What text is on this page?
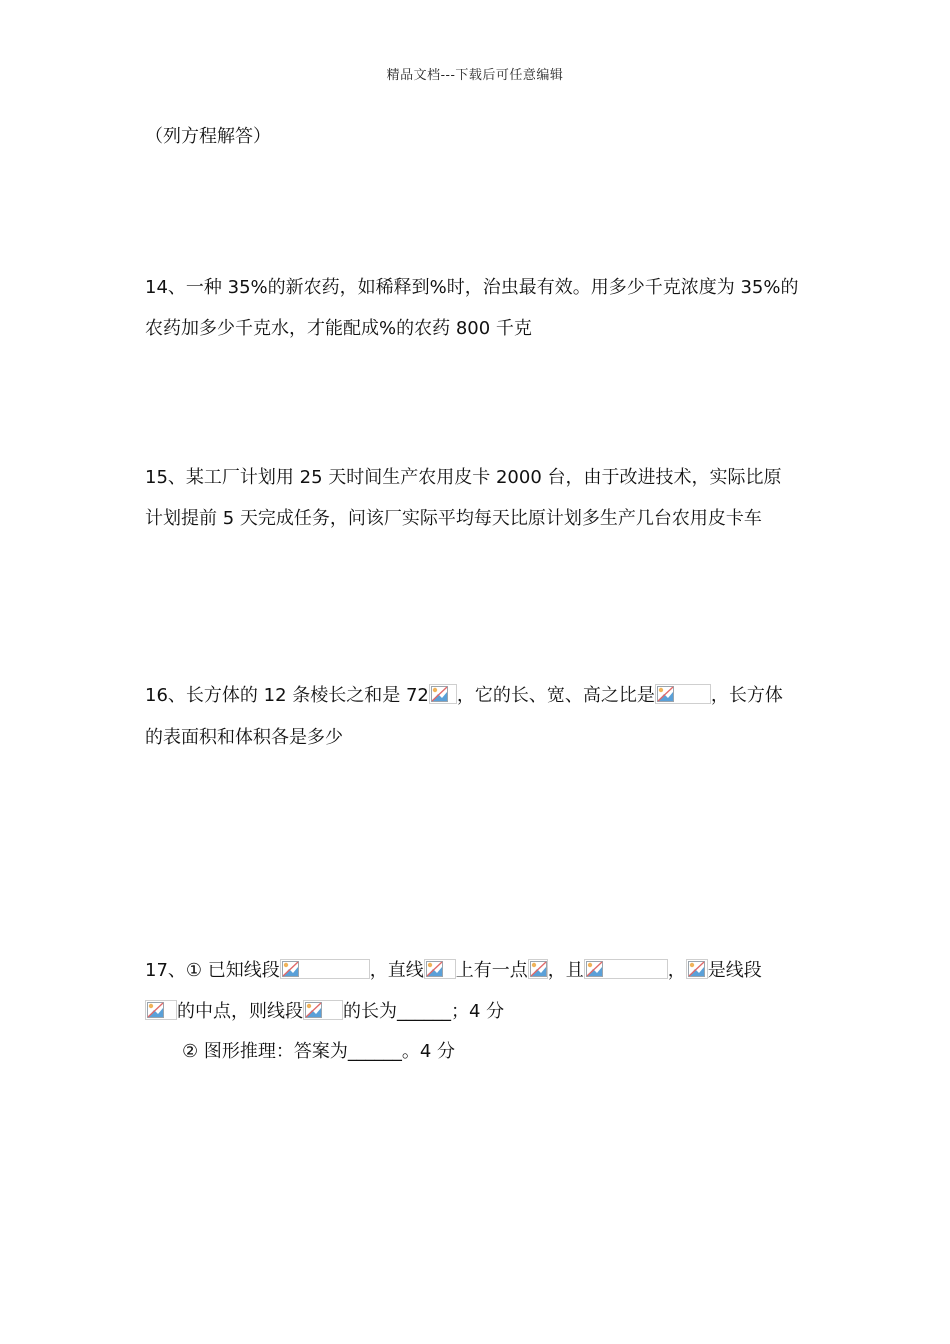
精品文档---下载后可任意编辑
（列方程解答）
14、一种 35%的新农药，如稀释到%时，治虫最有效。用多少千克浓度为 35%的
农药加多少千克水，才能配成%的农药 800 千克
15、某工厂计划用 25 天时间生产农用皮卡 2000 台，由于改进技术，实际比原
计划提前 5 天完成任务，问该厂实际平均每天比原计划多生产几台农用皮卡车
16、长方体的 12 条棱长之和是 72 ，它的长、宽、高之比是	，长方体
的表面积和体积各是多少
17、① 已知线段	，直线 上有一点 ，且	， 是线段
的中点，则线段 的长为______；4 分
② 图形推理：答案为______。4 分
